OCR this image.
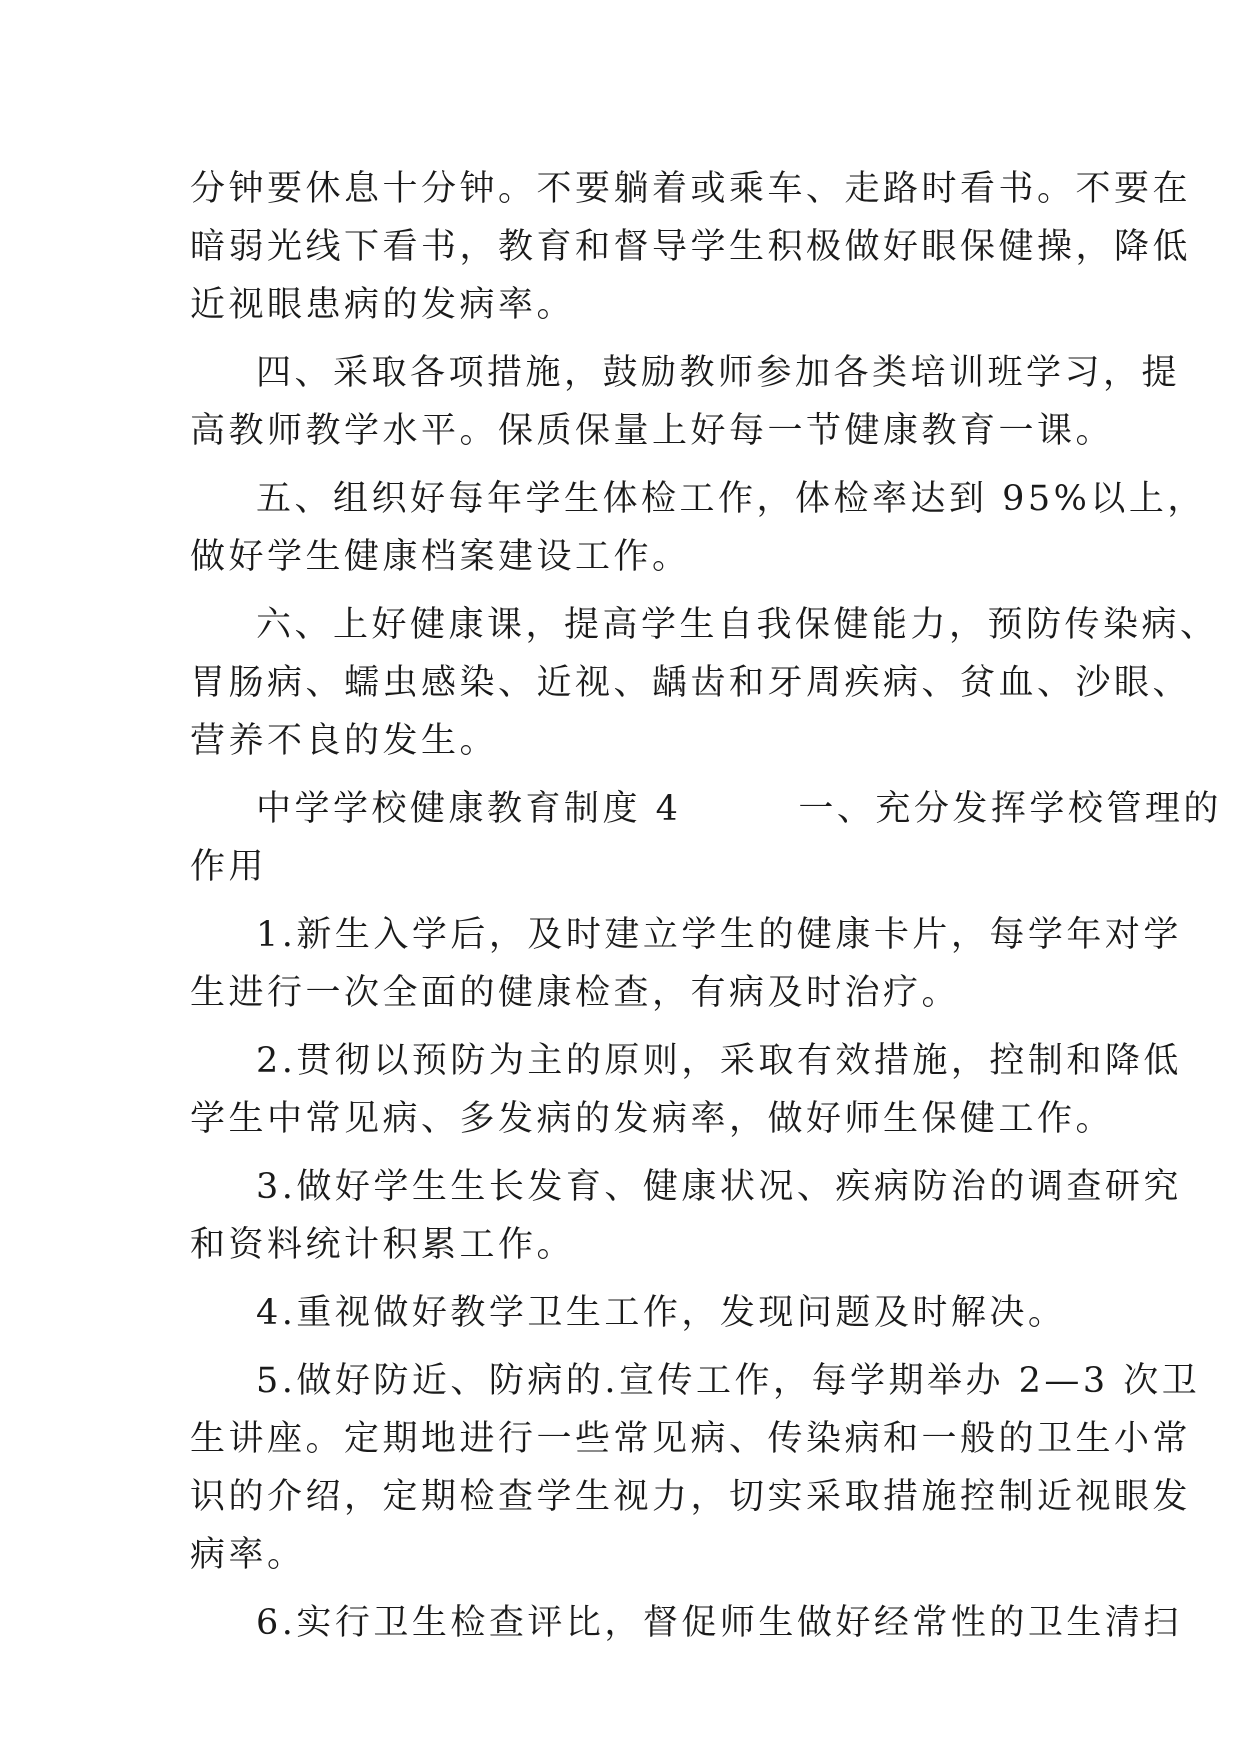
分钟要休息十分钟。不要躺着或乘车、走路时看书。不要在
暗弱光线下看书，教育和督导学生积极做好眼保健操，降低
近视眼患病的发病率。
四、采取各项措施，鼓励教师参加各类培训班学习，提
高教师教学水平。保质保量上好每一节健康教育一课。
五、组织好每年学生体检工作，体检率达到 95%以上，
做好学生健康档案建设工作。
六、上好健康课，提高学生自我保健能力，预防传染病、
胃肠病、蠕虫感染、近视、龋齿和牙周疾病、贫血、沙眼、
营养不良的发生。
中学学校健康教育制度 4        一、充分发挥学校管理的
作用
1.新生入学后，及时建立学生的健康卡片，每学年对学
生进行一次全面的健康检查，有病及时治疗。
2.贯彻以预防为主的原则，采取有效措施，控制和降低
学生中常见病、多发病的发病率，做好师生保健工作。
3.做好学生生长发育、健康状况、疾病防治的调查研究
和资料统计积累工作。
4.重视做好教学卫生工作，发现问题及时解决。
5.做好防近、防病的.宣传工作，每学期举办 2—3 次卫
生讲座。定期地进行一些常见病、传染病和一般的卫生小常
识的介绍，定期检查学生视力，切实采取措施控制近视眼发
病率。
6.实行卫生检查评比，督促师生做好经常性的卫生清扫
